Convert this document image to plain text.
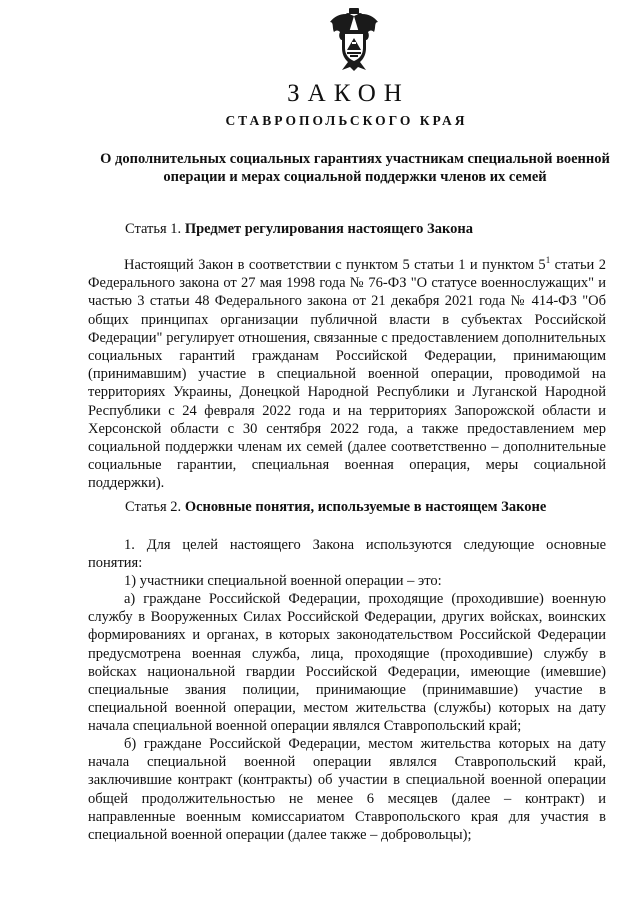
ЗАКОН
СТАВРОПОЛЬСКОГО КРАЯ
О дополнительных социальных гарантиях участникам специальной военной операции и мерах социальной поддержки членов их семей

Статья 1. Предмет регулирования настоящего Закона

Настоящий Закон в соответствии с пунктом 5 статьи 1 и пунктом $5^1$ статьи 2 Федерального закона от 27 мая 1998 года № 76-ФЗ "О статусе военнослужащих" и частью 3 статьи 48 Федерального закона от 21 декабря 2021 года № 414-ФЗ "Об общих принципах организации публичной власти в субъектах Российской Федерации" регулирует отношения, связанные с предоставлением дополнительных социальных гарантий гражданам Российской Федерации, принимающим (принимавшим) участие в специальной военной операции, проводимой на территориях Украины, Донецкой Народной Республики и Луганской Народной Республики с 24 февраля 2022 года и на территориях Запорожской области и Херсонской области с 30 сентября 2022 года, а также предоставлением мер социальной поддержки членам их семей (далее соответственно – дополнительные социальные гарантии, специальная военная операция, меры социальной поддержки).

Статья 2. Основные понятия, используемые в настоящем Законе

1. Для целей настоящего Закона используются следующие основные понятия:

1) участники специальной военной операции – это:

а) граждане Российской Федерации, проходящие (проходившие) военную службу в Вооруженных Силах Российской Федерации, других войсках, воинских формированиях и органах, в которых законодательством Российской Федерации предусмотрена военная служба, лица, проходящие (проходившие) службу в войсках национальной гвардии Российской Федерации, имеющие (имевшие) специальные звания полиции, принимающие (принимавшие) участие в специальной военной операции, местом жительства (службы) которых на дату начала специальной военной операции являлся Ставропольский край;

б) граждане Российской Федерации, местом жительства которых на дату начала специальной военной операции являлся Ставропольский край, заключившие контракт (контракты) об участии в специальной военной операции общей продолжительностью не менее 6 месяцев (далее – контракт) и направленные военным комиссариатом Ставропольского края для участия в специальной военной операции (далее также – добровольцы);
